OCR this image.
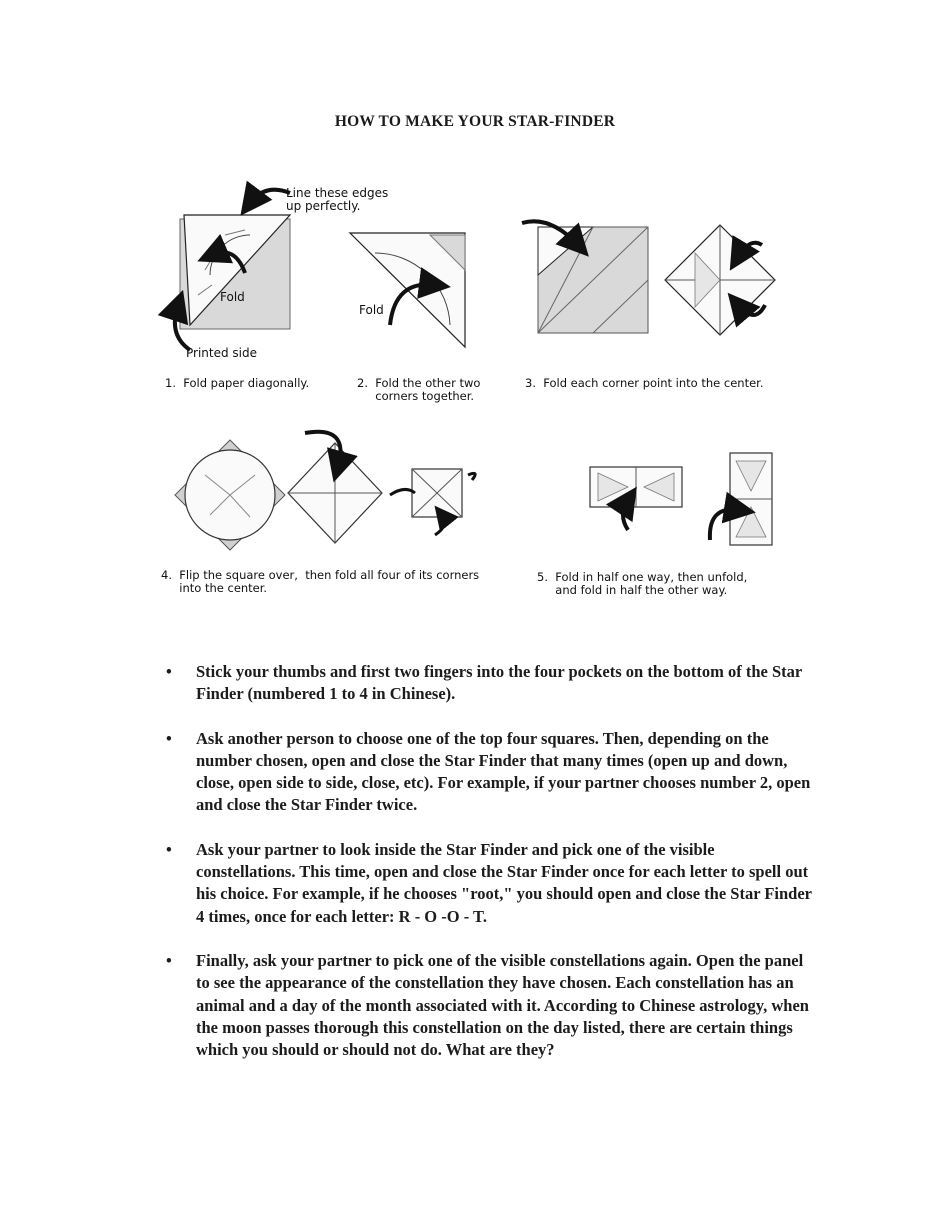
HOW TO MAKE YOUR STAR-FINDER
Line these edges
up perfectly.
Fold
Printed side
Fold
1.  Fold paper diagonally.	2.  Fold the other two
corners together.
3.  Fold each corner point into the center.
4.  Flip the square over,  then fold all four of its corners
into the center.
5.  Fold in half one way, then unfold,
and fold in half the other way.
• Stick your thumbs and first two fingers into the four pockets on the bottom of the Star Finder (numbered 1 to 4 in Chinese).
• Ask another person to choose one of the top four squares. Then, depending on the number chosen, open and close the Star Finder that many times (open up and down, close, open side to side, close, etc). For example, if your partner chooses number 2, open and close the Star Finder twice.
• Ask your partner to look inside the Star Finder and pick one of the visible constellations. This time, open and close the Star Finder once for each letter to spell out his choice. For example, if he chooses "root," you should open and close the Star Finder 4 times, once for each letter: R - O -O - T.
• Finally, ask your partner to pick one of the visible constellations again. Open the panel to see the appearance of the constellation they have chosen. Each constellation has an animal and a day of the month associated with it. According to Chinese astrology, when the moon passes thorough this constellation on the day listed, there are certain things which you should or should not do. What are they?
